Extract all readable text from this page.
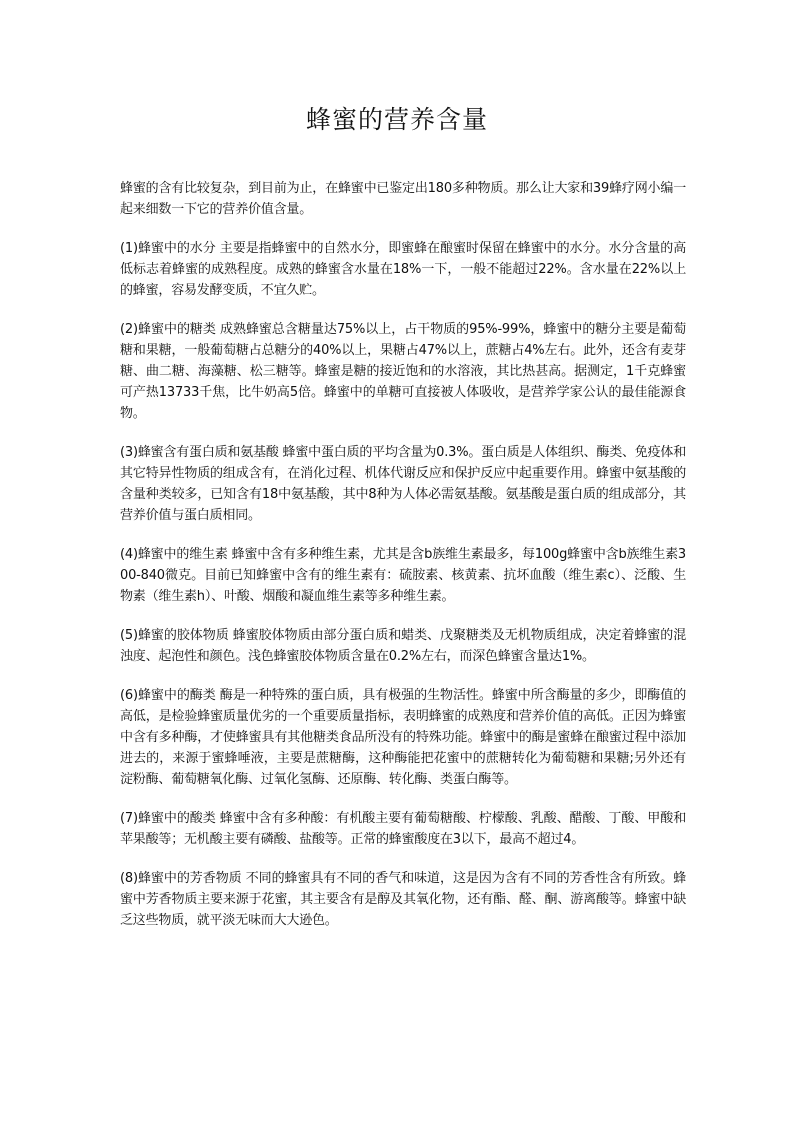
蜂蜜的营养含量

蜂蜜的含有比较复杂，到目前为止，在蜂蜜中已鉴定出180多种物质。那么让大家和39蜂疗网小编一起来细数一下它的营养价值含量。

(1)蜂蜜中的水分 主要是指蜂蜜中的自然水分，即蜜蜂在酿蜜时保留在蜂蜜中的水分。水分含量的高低标志着蜂蜜的成熟程度。成熟的蜂蜜含水量在18%一下，一般不能超过22%。含水量在22%以上的蜂蜜，容易发酵变质，不宜久贮。

(2)蜂蜜中的糖类 成熟蜂蜜总含糖量达75%以上，占干物质的95%-99%，蜂蜜中的糖分主要是葡萄糖和果糖，一般葡萄糖占总糖分的40%以上，果糖占47%以上，蔗糖占4%左右。此外，还含有麦芽糖、曲二糖、海藻糖、松三糖等。蜂蜜是糖的接近饱和的水溶液，其比热甚高。据测定，1千克蜂蜜可产热13733千焦，比牛奶高5倍。蜂蜜中的单糖可直接被人体吸收，是营养学家公认的最佳能源食物。

(3)蜂蜜含有蛋白质和氨基酸 蜂蜜中蛋白质的平均含量为0.3%。蛋白质是人体组织、酶类、免疫体和其它特异性物质的组成含有，在消化过程、机体代谢反应和保护反应中起重要作用。蜂蜜中氨基酸的含量种类较多，已知含有18中氨基酸，其中8种为人体必需氨基酸。氨基酸是蛋白质的组成部分，其营养价值与蛋白质相同。

(4)蜂蜜中的维生素 蜂蜜中含有多种维生素，尤其是含b族维生素最多，每100g蜂蜜中含b族维生素300-840微克。目前已知蜂蜜中含有的维生素有：硫胺素、核黄素、抗坏血酸（维生素c）、泛酸、生物素（维生素h）、叶酸、烟酸和凝血维生素等多种维生素。

(5)蜂蜜的胶体物质 蜂蜜胶体物质由部分蛋白质和蜡类、戊聚糖类及无机物质组成，决定着蜂蜜的混浊度、起泡性和颜色。浅色蜂蜜胶体物质含量在0.2%左右，而深色蜂蜜含量达1%。

(6)蜂蜜中的酶类 酶是一种特殊的蛋白质，具有极强的生物活性。蜂蜜中所含酶量的多少，即酶值的高低，是检验蜂蜜质量优劣的一个重要质量指标，表明蜂蜜的成熟度和营养价值的高低。正因为蜂蜜中含有多种酶，才使蜂蜜具有其他糖类食品所没有的特殊功能。蜂蜜中的酶是蜜蜂在酿蜜过程中添加进去的，来源于蜜蜂唾液，主要是蔗糖酶，这种酶能把花蜜中的蔗糖转化为葡萄糖和果糖;另外还有淀粉酶、葡萄糖氧化酶、过氧化氢酶、还原酶、转化酶、类蛋白酶等。

(7)蜂蜜中的酸类 蜂蜜中含有多种酸：有机酸主要有葡萄糖酸、柠檬酸、乳酸、醋酸、丁酸、甲酸和苹果酸等；无机酸主要有磷酸、盐酸等。正常的蜂蜜酸度在3以下，最高不超过4。

(8)蜂蜜中的芳香物质 不同的蜂蜜具有不同的香气和味道，这是因为含有不同的芳香性含有所致。蜂蜜中芳香物质主要来源于花蜜，其主要含有是醇及其氧化物，还有酯、醛、酮、游离酸等。蜂蜜中缺乏这些物质，就平淡无味而大大逊色。
